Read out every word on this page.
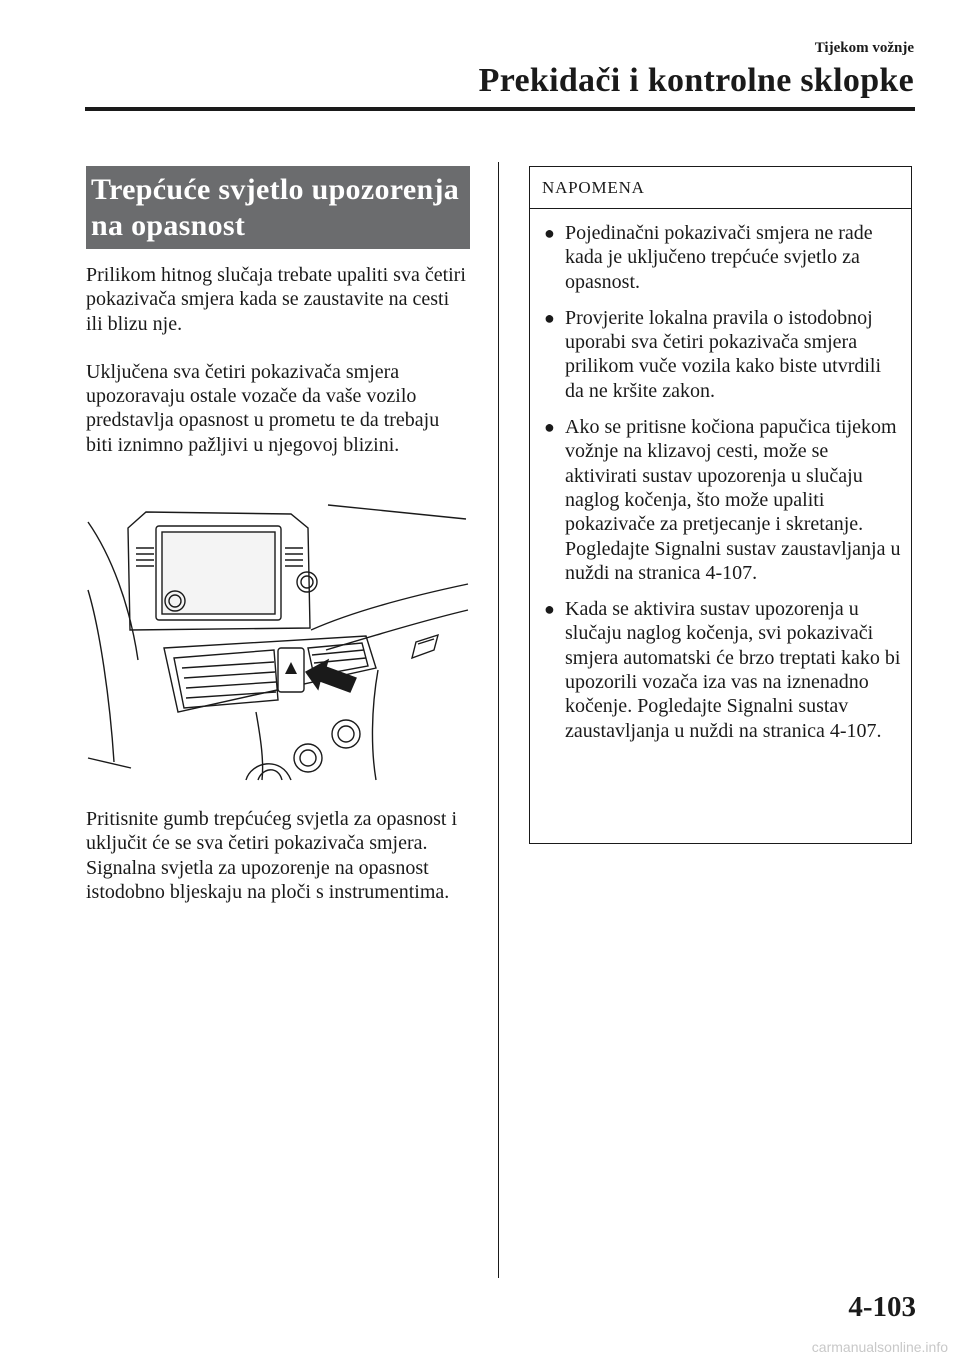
Tijekom vožnje
Prekidači i kontrolne sklopke
Trepćuće svjetlo upozorenja na opasnost

Prilikom hitnog slučaja trebate upaliti sva četiri pokazivača smjera kada se zaustavite na cesti ili blizu nje.

Uključena sva četiri pokazivača smjera upozoravaju ostale vozače da vaše vozilo predstavlja opasnost u prometu te da trebaju biti iznimno pažljivi u njegovoj blizini.

Pritisnite gumb trepćućeg svjetla za opasnost i uključit će se sva četiri pokazivača smjera. Signalna svjetla za upozorenje na opasnost istodobno bljeskaju na ploči s instrumentima.

NAPOMENA
● Pojedinačni pokazivači smjera ne rade kada je uključeno trepćuće svjetlo za opasnost.
● Provjerite lokalna pravila o istodobnoj uporabi sva četiri pokazivača smjera prilikom vuče vozila kako biste utvrdili da ne kršite zakon.
● Ako se pritisne kočiona papučica tijekom vožnje na klizavoj cesti, može se aktivirati sustav upozorenja u slučaju naglog kočenja, što može upaliti pokazivače za pretjecanje i skretanje. Pogledajte Signalni sustav zaustavljanja u nuždi na stranica 4-107.
● Kada se aktivira sustav upozorenja u slučaju naglog kočenja, svi pokazivači smjera automatski će brzo treptati kako bi upozorili vozača iza vas na iznenadno kočenje. Pogledajte Signalni sustav zaustavljanja u nuždi na stranica 4-107.
4-103
carmanualsonline.info
